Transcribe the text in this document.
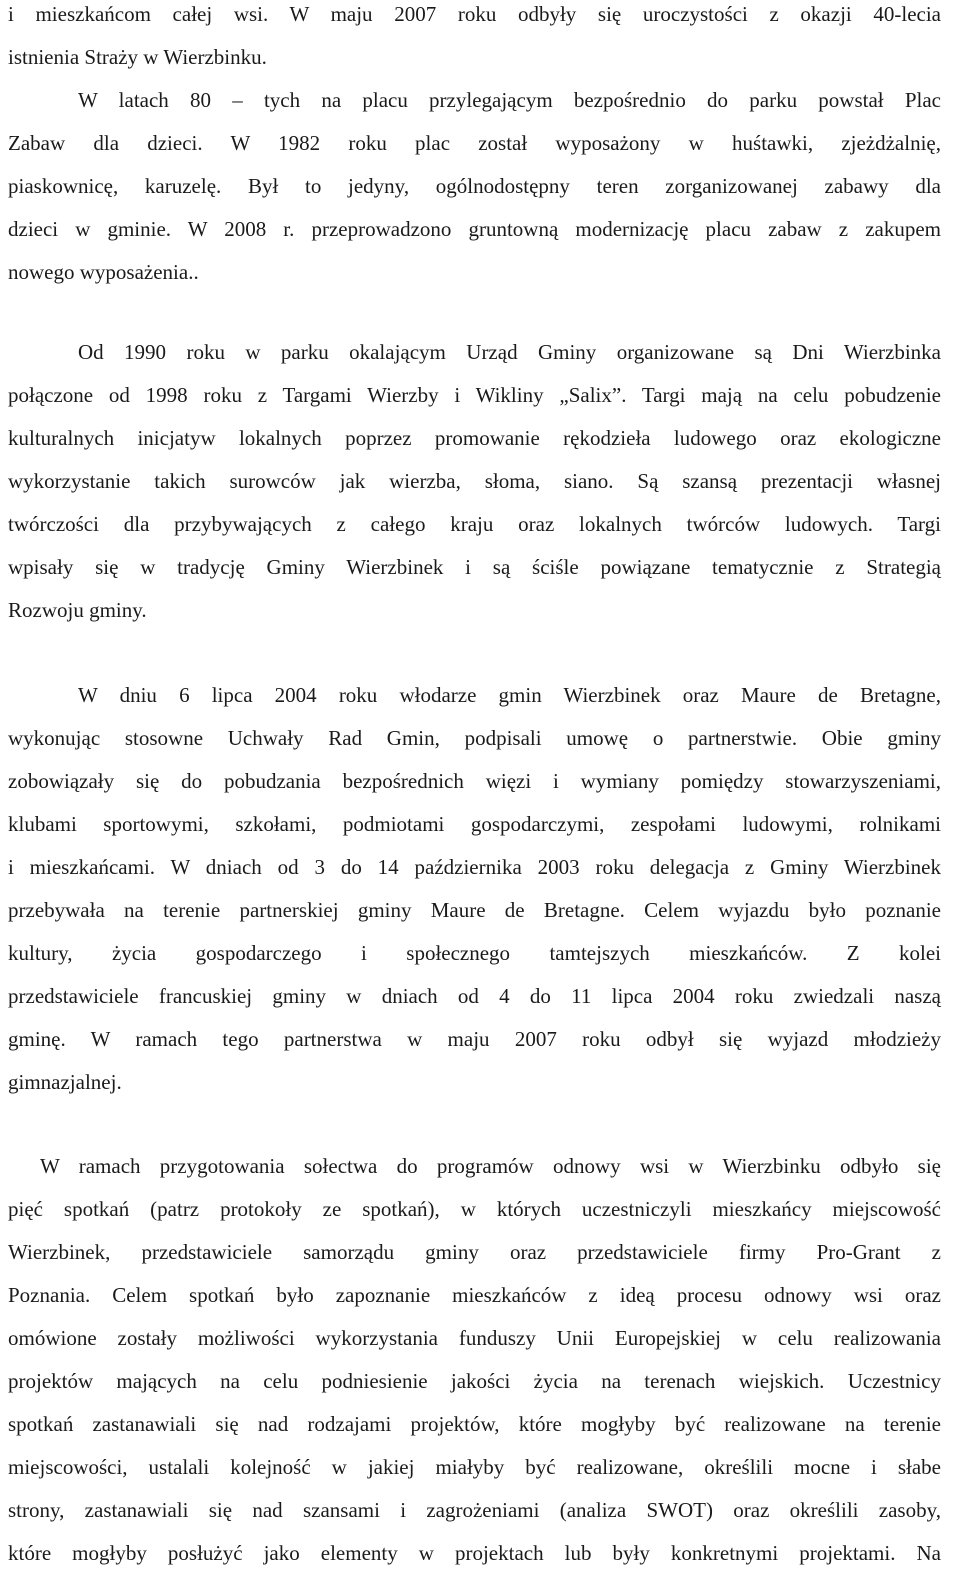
i mieszkańcom całej wsi. W maju 2007 roku odbyły się uroczystości z okazji 40-lecia
istnienia Straży w Wierzbinku.
W latach 80 – tych na placu przylegającym bezpośrednio do parku powstał Plac
Zabaw dla dzieci. W 1982 roku plac został wyposażony w huśtawki, zjeżdżalnię,
piaskownicę, karuzelę. Był to jedyny, ogólnodostępny teren zorganizowanej zabawy dla
dzieci w gminie. W 2008 r. przeprowadzono gruntowną modernizację placu zabaw z zakupem
nowego wyposażenia..
Od 1990 roku w parku okalającym Urząd Gminy organizowane są Dni Wierzbinka
połączone od 1998 roku z Targami Wierzby i Wikliny „Salix”. Targi mają na celu pobudzenie
kulturalnych inicjatyw lokalnych poprzez promowanie rękodzieła ludowego oraz ekologiczne
wykorzystanie takich surowców jak wierzba, słoma, siano. Są szansą prezentacji własnej
twórczości dla przybywających z całego kraju oraz lokalnych twórców ludowych. Targi
wpisały się w tradycję Gminy Wierzbinek i są ściśle powiązane tematycznie z Strategią
Rozwoju gminy.
W dniu 6 lipca 2004 roku włodarze gmin Wierzbinek oraz Maure de Bretagne,
wykonując stosowne Uchwały Rad Gmin, podpisali umowę o partnerstwie. Obie gminy
zobowiązały się do pobudzania bezpośrednich więzi i wymiany pomiędzy stowarzyszeniami,
klubami sportowymi, szkołami, podmiotami gospodarczymi, zespołami ludowymi, rolnikami
i mieszkańcami. W dniach od 3 do 14 października 2003 roku delegacja z Gminy Wierzbinek
przebywała na terenie partnerskiej gminy Maure de Bretagne. Celem wyjazdu było poznanie
kultury, życia gospodarczego i społecznego tamtejszych mieszkańców. Z kolei
przedstawiciele francuskiej gminy w dniach od 4 do 11 lipca 2004 roku zwiedzali naszą
gminę. W ramach tego partnerstwa w maju 2007 roku odbył się wyjazd młodzieży
gimnazjalnej.
W ramach przygotowania sołectwa do programów odnowy wsi w Wierzbinku odbyło się
pięć spotkań (patrz protokoły ze spotkań), w których uczestniczyli mieszkańcy miejscowość
Wierzbinek, przedstawiciele samorządu gminy oraz przedstawiciele firmy Pro-Grant z
Poznania. Celem spotkań było zapoznanie mieszkańców z ideą procesu odnowy wsi oraz
omówione zostały możliwości wykorzystania funduszy Unii Europejskiej w celu realizowania
projektów mających na celu podniesienie jakości życia na terenach wiejskich. Uczestnicy
spotkań zastanawiali się nad rodzajami projektów, które mogłyby być realizowane na terenie
miejscowości, ustalali kolejność w jakiej miałyby być realizowane, określili mocne i słabe
strony, zastanawiali się nad szansami i zagrożeniami (analiza SWOT) oraz określili zasoby,
które mogłyby posłużyć jako elementy w projektach lub były konkretnymi projektami. Na
